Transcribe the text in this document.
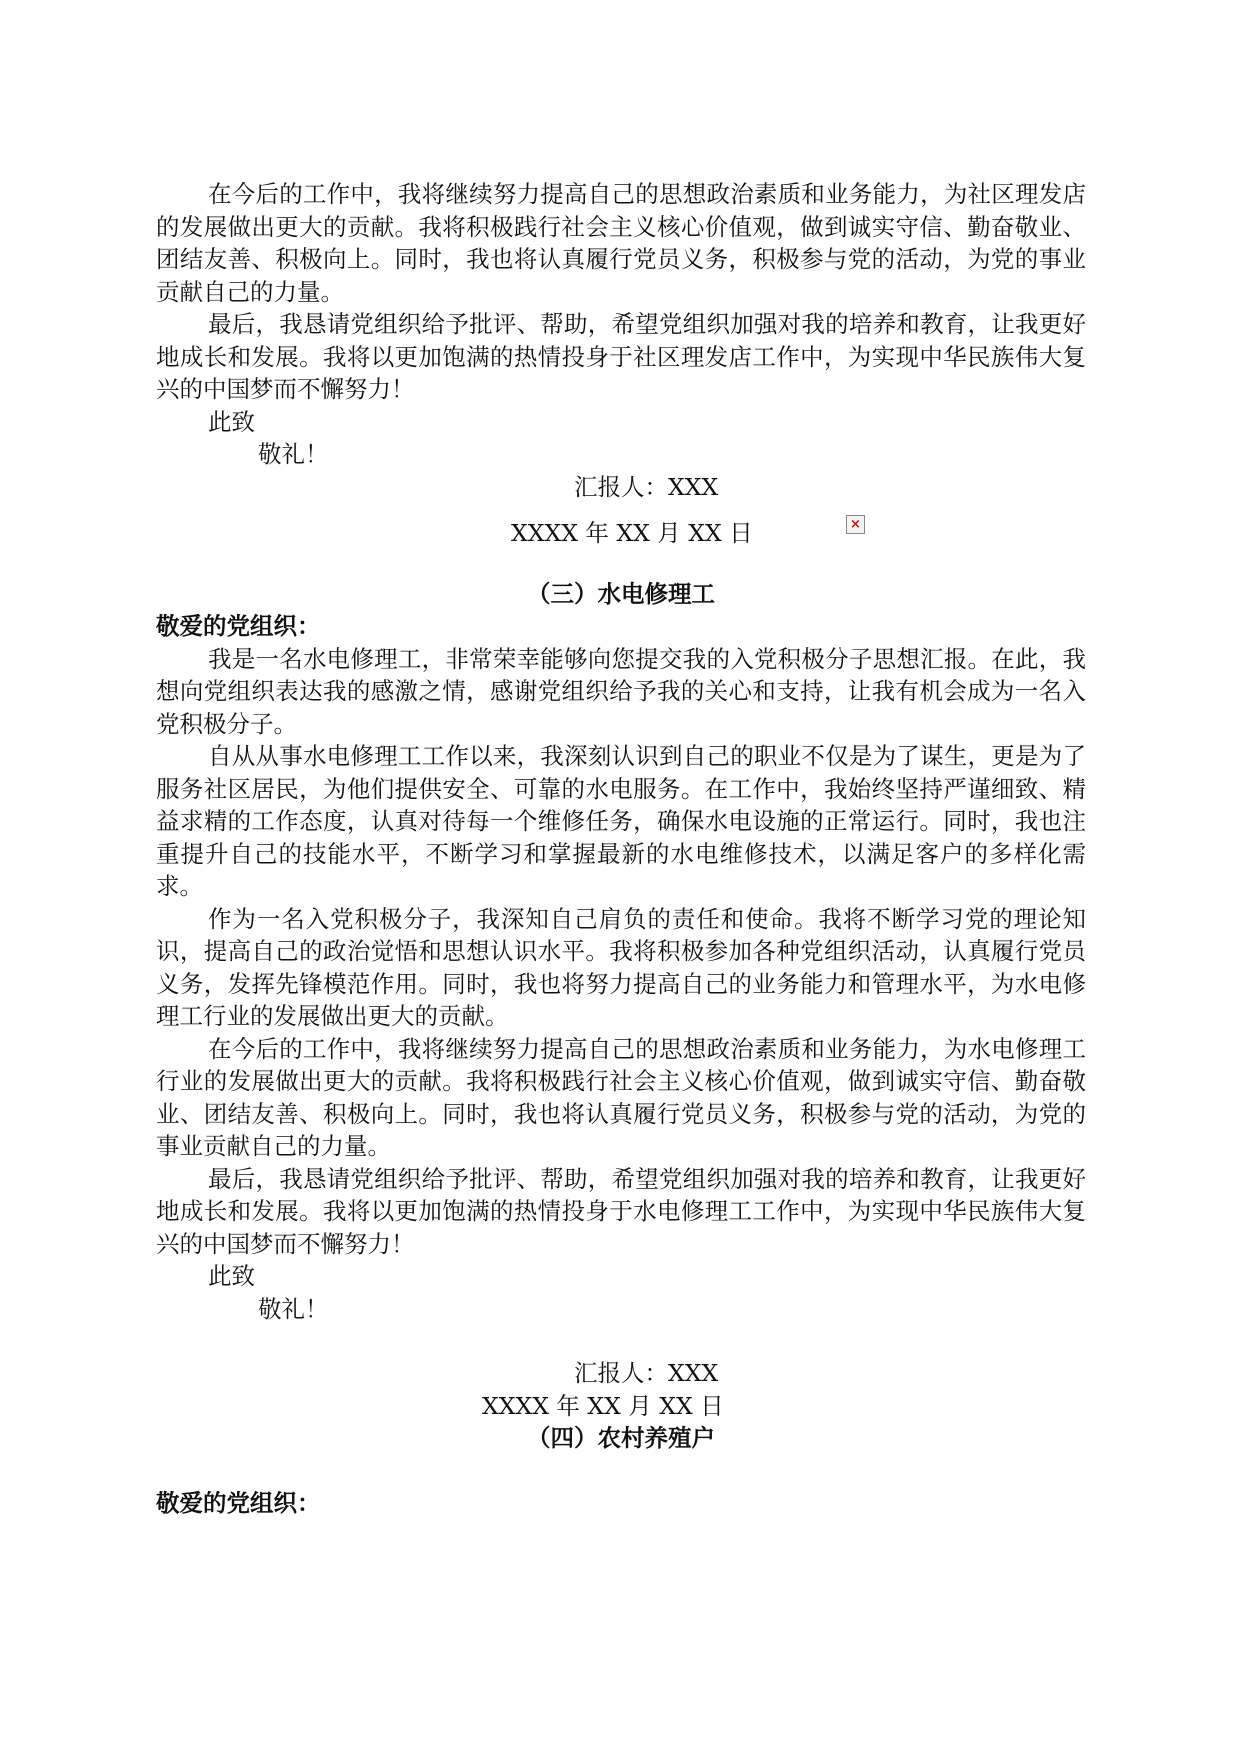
在今后的工作中，我将继续努力提高自己的思想政治素质和业务能力，为社区理发店的发展做出更大的贡献。我将积极践行社会主义核心价值观，做到诚实守信、勤奋敬业、团结友善、积极向上。同时，我也将认真履行党员义务，积极参与党的活动，为党的事业贡献自己的力量。

最后，我恳请党组织给予批评、帮助，希望党组织加强对我的培养和教育，让我更好地成长和发展。我将以更加饱满的热情投身于社区理发店工作中，为实现中华民族伟大复兴的中国梦而不懈努力！

此致

敬礼！

汇报人：XXX

XXXX 年 XX 月 XX 日

（三）水电修理工

敬爱的党组织：

我是一名水电修理工，非常荣幸能够向您提交我的入党积极分子思想汇报。在此，我想向党组织表达我的感激之情，感谢党组织给予我的关心和支持，让我有机会成为一名入党积极分子。

自从从事水电修理工工作以来，我深刻认识到自己的职业不仅是为了谋生，更是为了服务社区居民，为他们提供安全、可靠的水电服务。在工作中，我始终坚持严谨细致、精益求精的工作态度，认真对待每一个维修任务，确保水电设施的正常运行。同时，我也注重提升自己的技能水平，不断学习和掌握最新的水电维修技术，以满足客户的多样化需求。

作为一名入党积极分子，我深知自己肩负的责任和使命。我将不断学习党的理论知识，提高自己的政治觉悟和思想认识水平。我将积极参加各种党组织活动，认真履行党员义务，发挥先锋模范作用。同时，我也将努力提高自己的业务能力和管理水平，为水电修理工行业的发展做出更大的贡献。

在今后的工作中，我将继续努力提高自己的思想政治素质和业务能力，为水电修理工行业的发展做出更大的贡献。我将积极践行社会主义核心价值观，做到诚实守信、勤奋敬业、团结友善、积极向上。同时，我也将认真履行党员义务，积极参与党的活动，为党的事业贡献自己的力量。

最后，我恳请党组织给予批评、帮助，希望党组织加强对我的培养和教育，让我更好地成长和发展。我将以更加饱满的热情投身于水电修理工工作中，为实现中华民族伟大复兴的中国梦而不懈努力！

此致

敬礼！

汇报人：XXX

XXXX 年 XX 月 XX 日

（四）农村养殖户

敬爱的党组织：

×
